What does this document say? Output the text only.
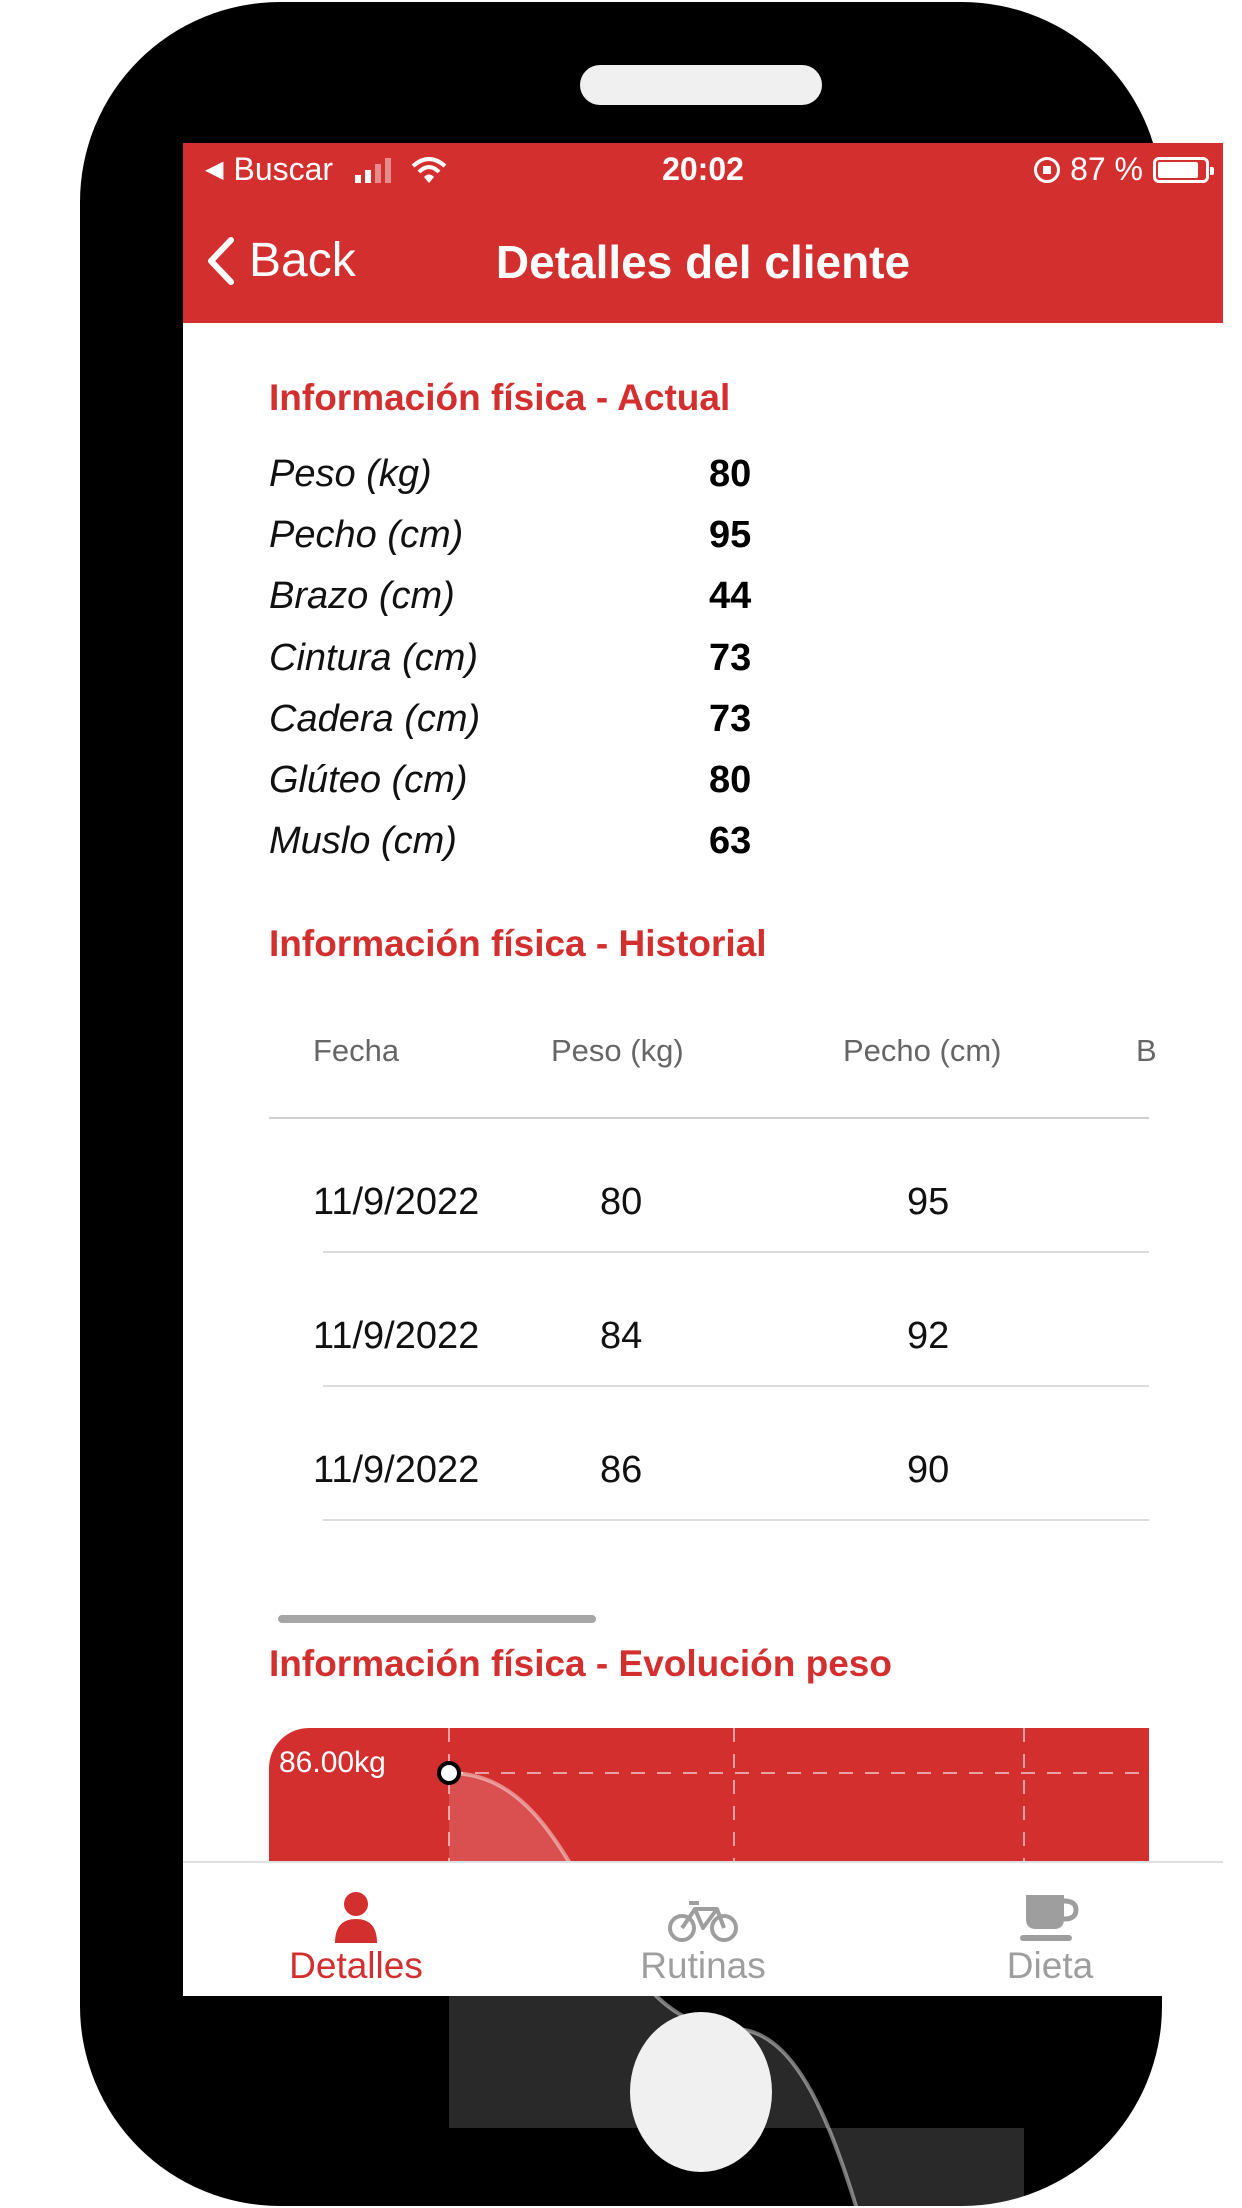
◀ Buscar	20:02	87 %
Back	Detalles del cliente
Información física - Actual
Peso (kg)	80
Pecho (cm)	95
Brazo (cm)	44
Cintura (cm)	73
Cadera (cm)	73
Glúteo (cm)	80
Muslo (cm)	63
Información física - Historial
Fecha	Peso (kg)	Pecho (cm)	B
11/9/2022	80	95
11/9/2022	84	92
11/9/2022	86	90
Información física - Evolución peso
86.00kg
Detalles	Rutinas	Dieta
